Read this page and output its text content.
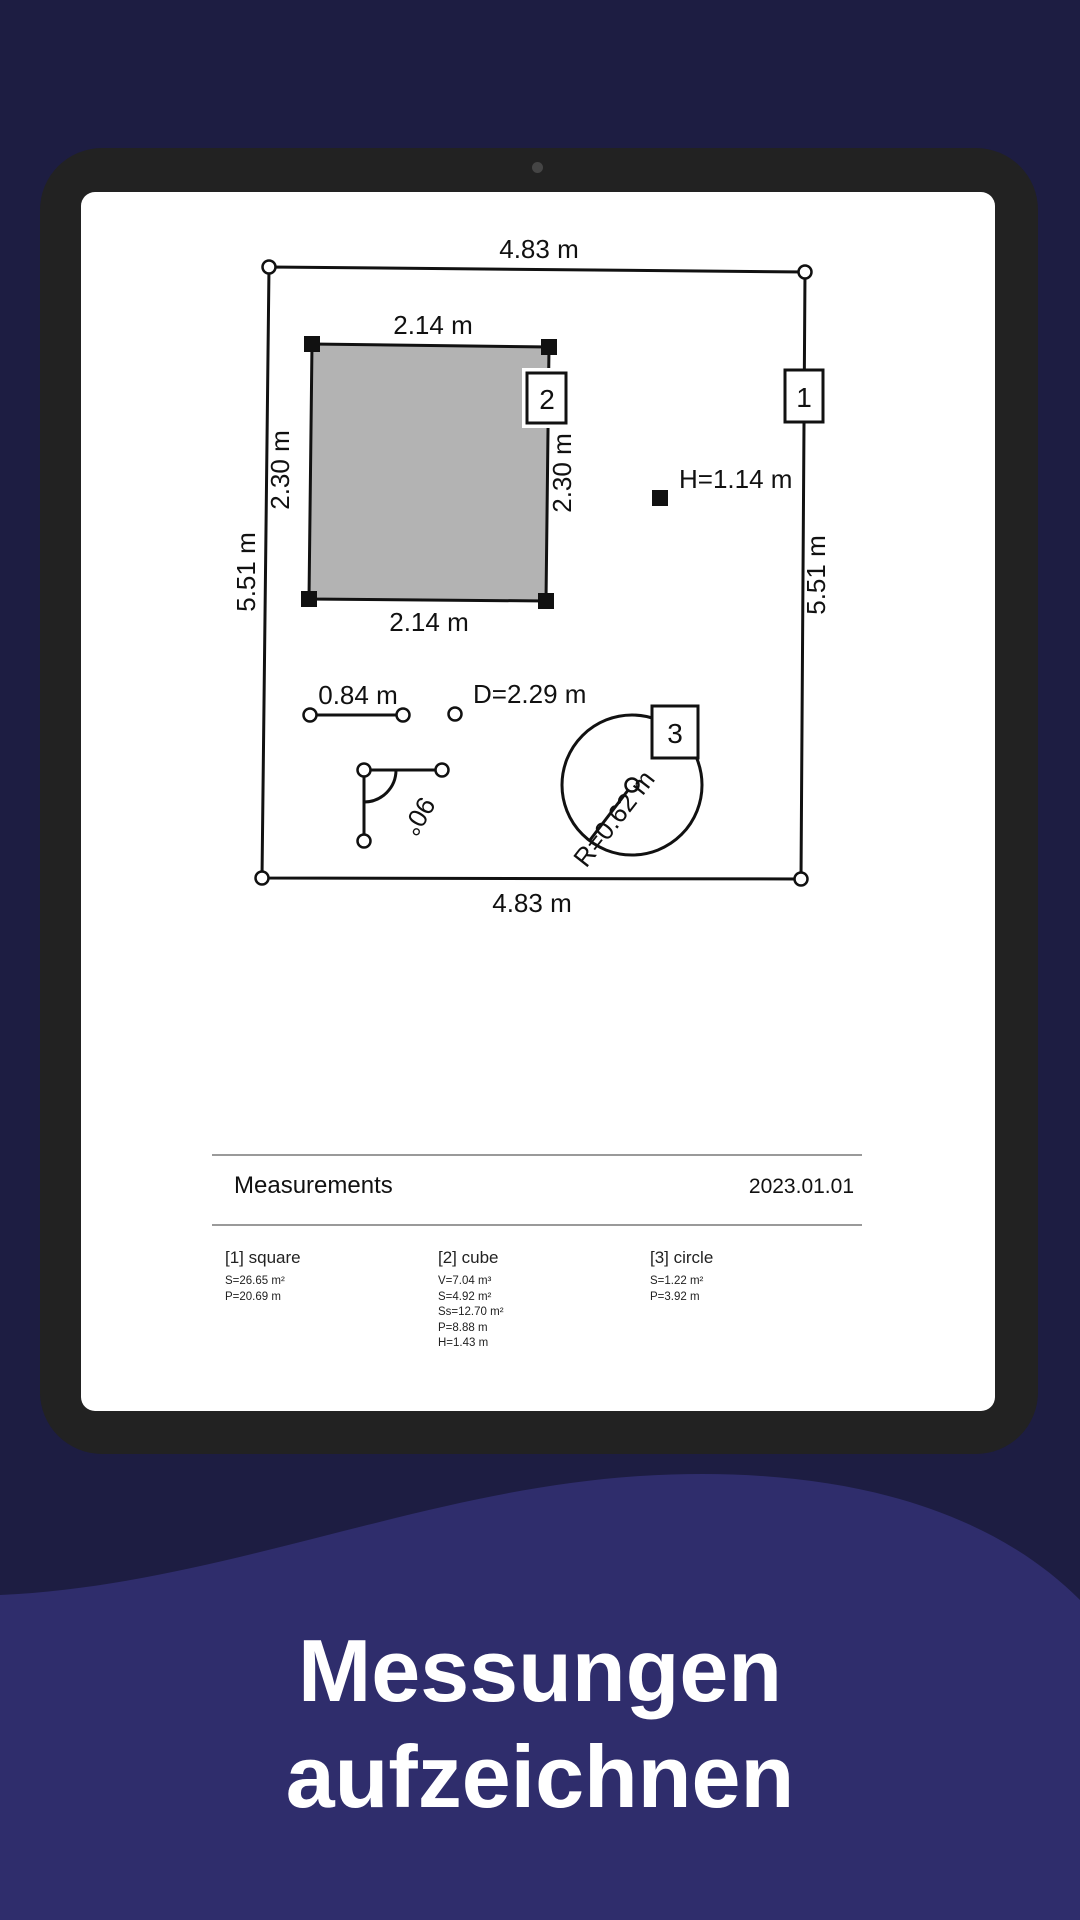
4.83 m
4.83 m
5.51 m	5.51 m
1
2.14 m
2.14 m
2.30 m	2.30 m
2
H=1.14 m
0.84 m	D=2.29 m
90°	R=0.62 m
3
Measurements	2023.01.01
[1] square
S=26.65 m²
P=20.69 m
[2] cube
V=7.04 m³
S=4.92 m²
Ss=12.70 m²
P=8.88 m
H=1.43 m
[3] circle
S=1.22 m²
P=3.92 m
Messungen
aufzeichnen
